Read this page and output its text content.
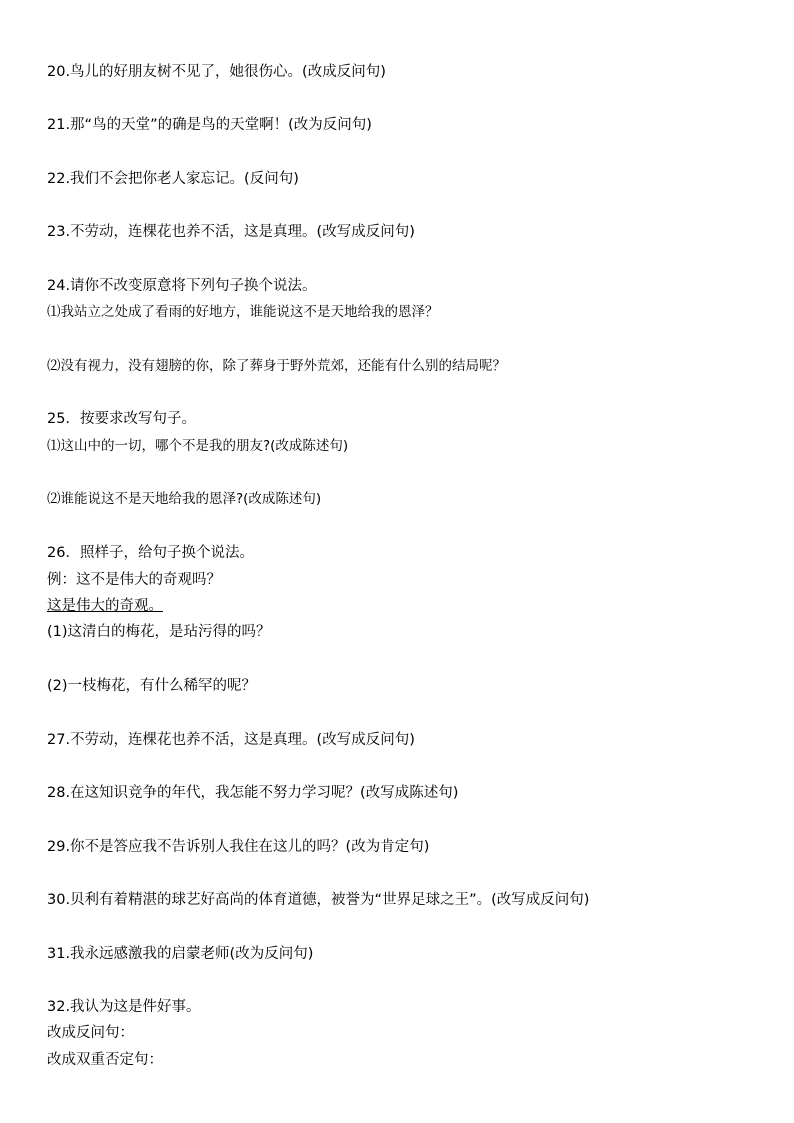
20.鸟儿的好朋友树不见了，她很伤心。(改成反问句)
21.那“鸟的天堂”的确是鸟的天堂啊！(改为反问句)
22.我们不会把你老人家忘记。(反问句)
23.不劳动，连棵花也养不活，这是真理。(改写成反问句)
24.请你不改变原意将下列句子换个说法。
⑴我站立之处成了看雨的好地方，谁能说这不是天地给我的恩泽？
⑵没有视力，没有翅膀的你，除了葬身于野外荒郊，还能有什么别的结局呢？
25．按要求改写句子。
⑴这山中的一切，哪个不是我的朋友?(改成陈述句)
⑵谁能说这不是天地给我的恩泽?(改成陈述句)
26．照样子，给句子换个说法。
例：这不是伟大的奇观吗？
这是伟大的奇观。
(1)这清白的梅花，是玷污得的吗？
(2)一枝梅花，有什么稀罕的呢？
27.不劳动，连棵花也养不活，这是真理。(改写成反问句)
28.在这知识竞争的年代，我怎能不努力学习呢？(改写成陈述句)
29.你不是答应我不告诉别人我住在这儿的吗？(改为肯定句)
30.贝利有着精湛的球艺好高尚的体育道德，被誉为“世界足球之王”。(改写成反问句)
31.我永远感激我的启蒙老师(改为反问句)
32.我认为这是件好事。
改成反问句：
改成双重否定句：
